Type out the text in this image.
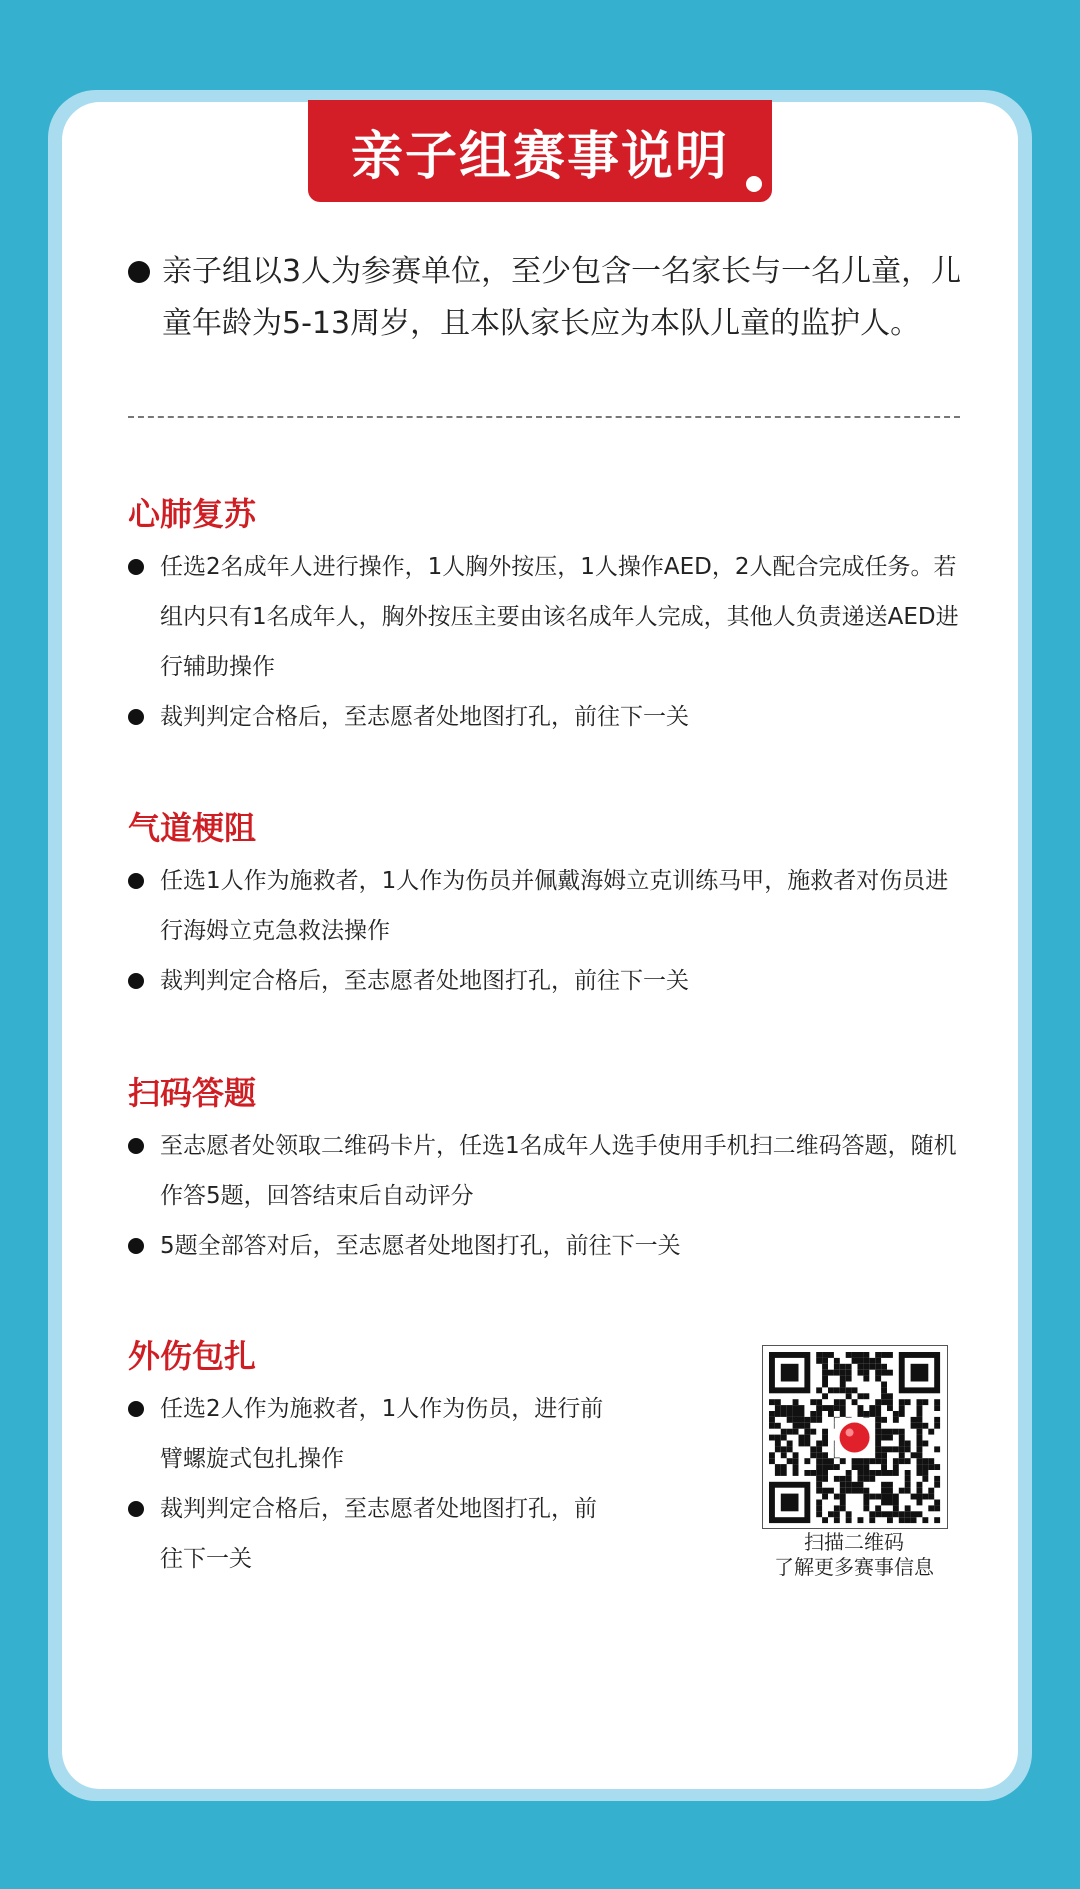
亲子组赛事说明
亲子组以3人为参赛单位，至少包含一名家长与一名儿童，儿童年龄为5-13周岁，且本队家长应为本队儿童的监护人。
心肺复苏
任选2名成年人进行操作，1人胸外按压，1人操作AED，2人配合完成任务。若组内只有1名成年人，胸外按压主要由该名成年人完成，其他人负责递送AED进行辅助操作
裁判判定合格后，至志愿者处地图打孔，前往下一关
气道梗阻
任选1人作为施救者，1人作为伤员并佩戴海姆立克训练马甲，施救者对伤员进行海姆立克急救法操作
裁判判定合格后，至志愿者处地图打孔，前往下一关
扫码答题
至志愿者处领取二维码卡片，任选1名成年人选手使用手机扫二维码答题，随机作答5题，回答结束后自动评分
5题全部答对后，至志愿者处地图打孔，前往下一关
外伤包扎
任选2人作为施救者，1人作为伤员，进行前臂螺旋式包扎操作
裁判判定合格后，至志愿者处地图打孔，前往下一关
扫描二维码
了解更多赛事信息
